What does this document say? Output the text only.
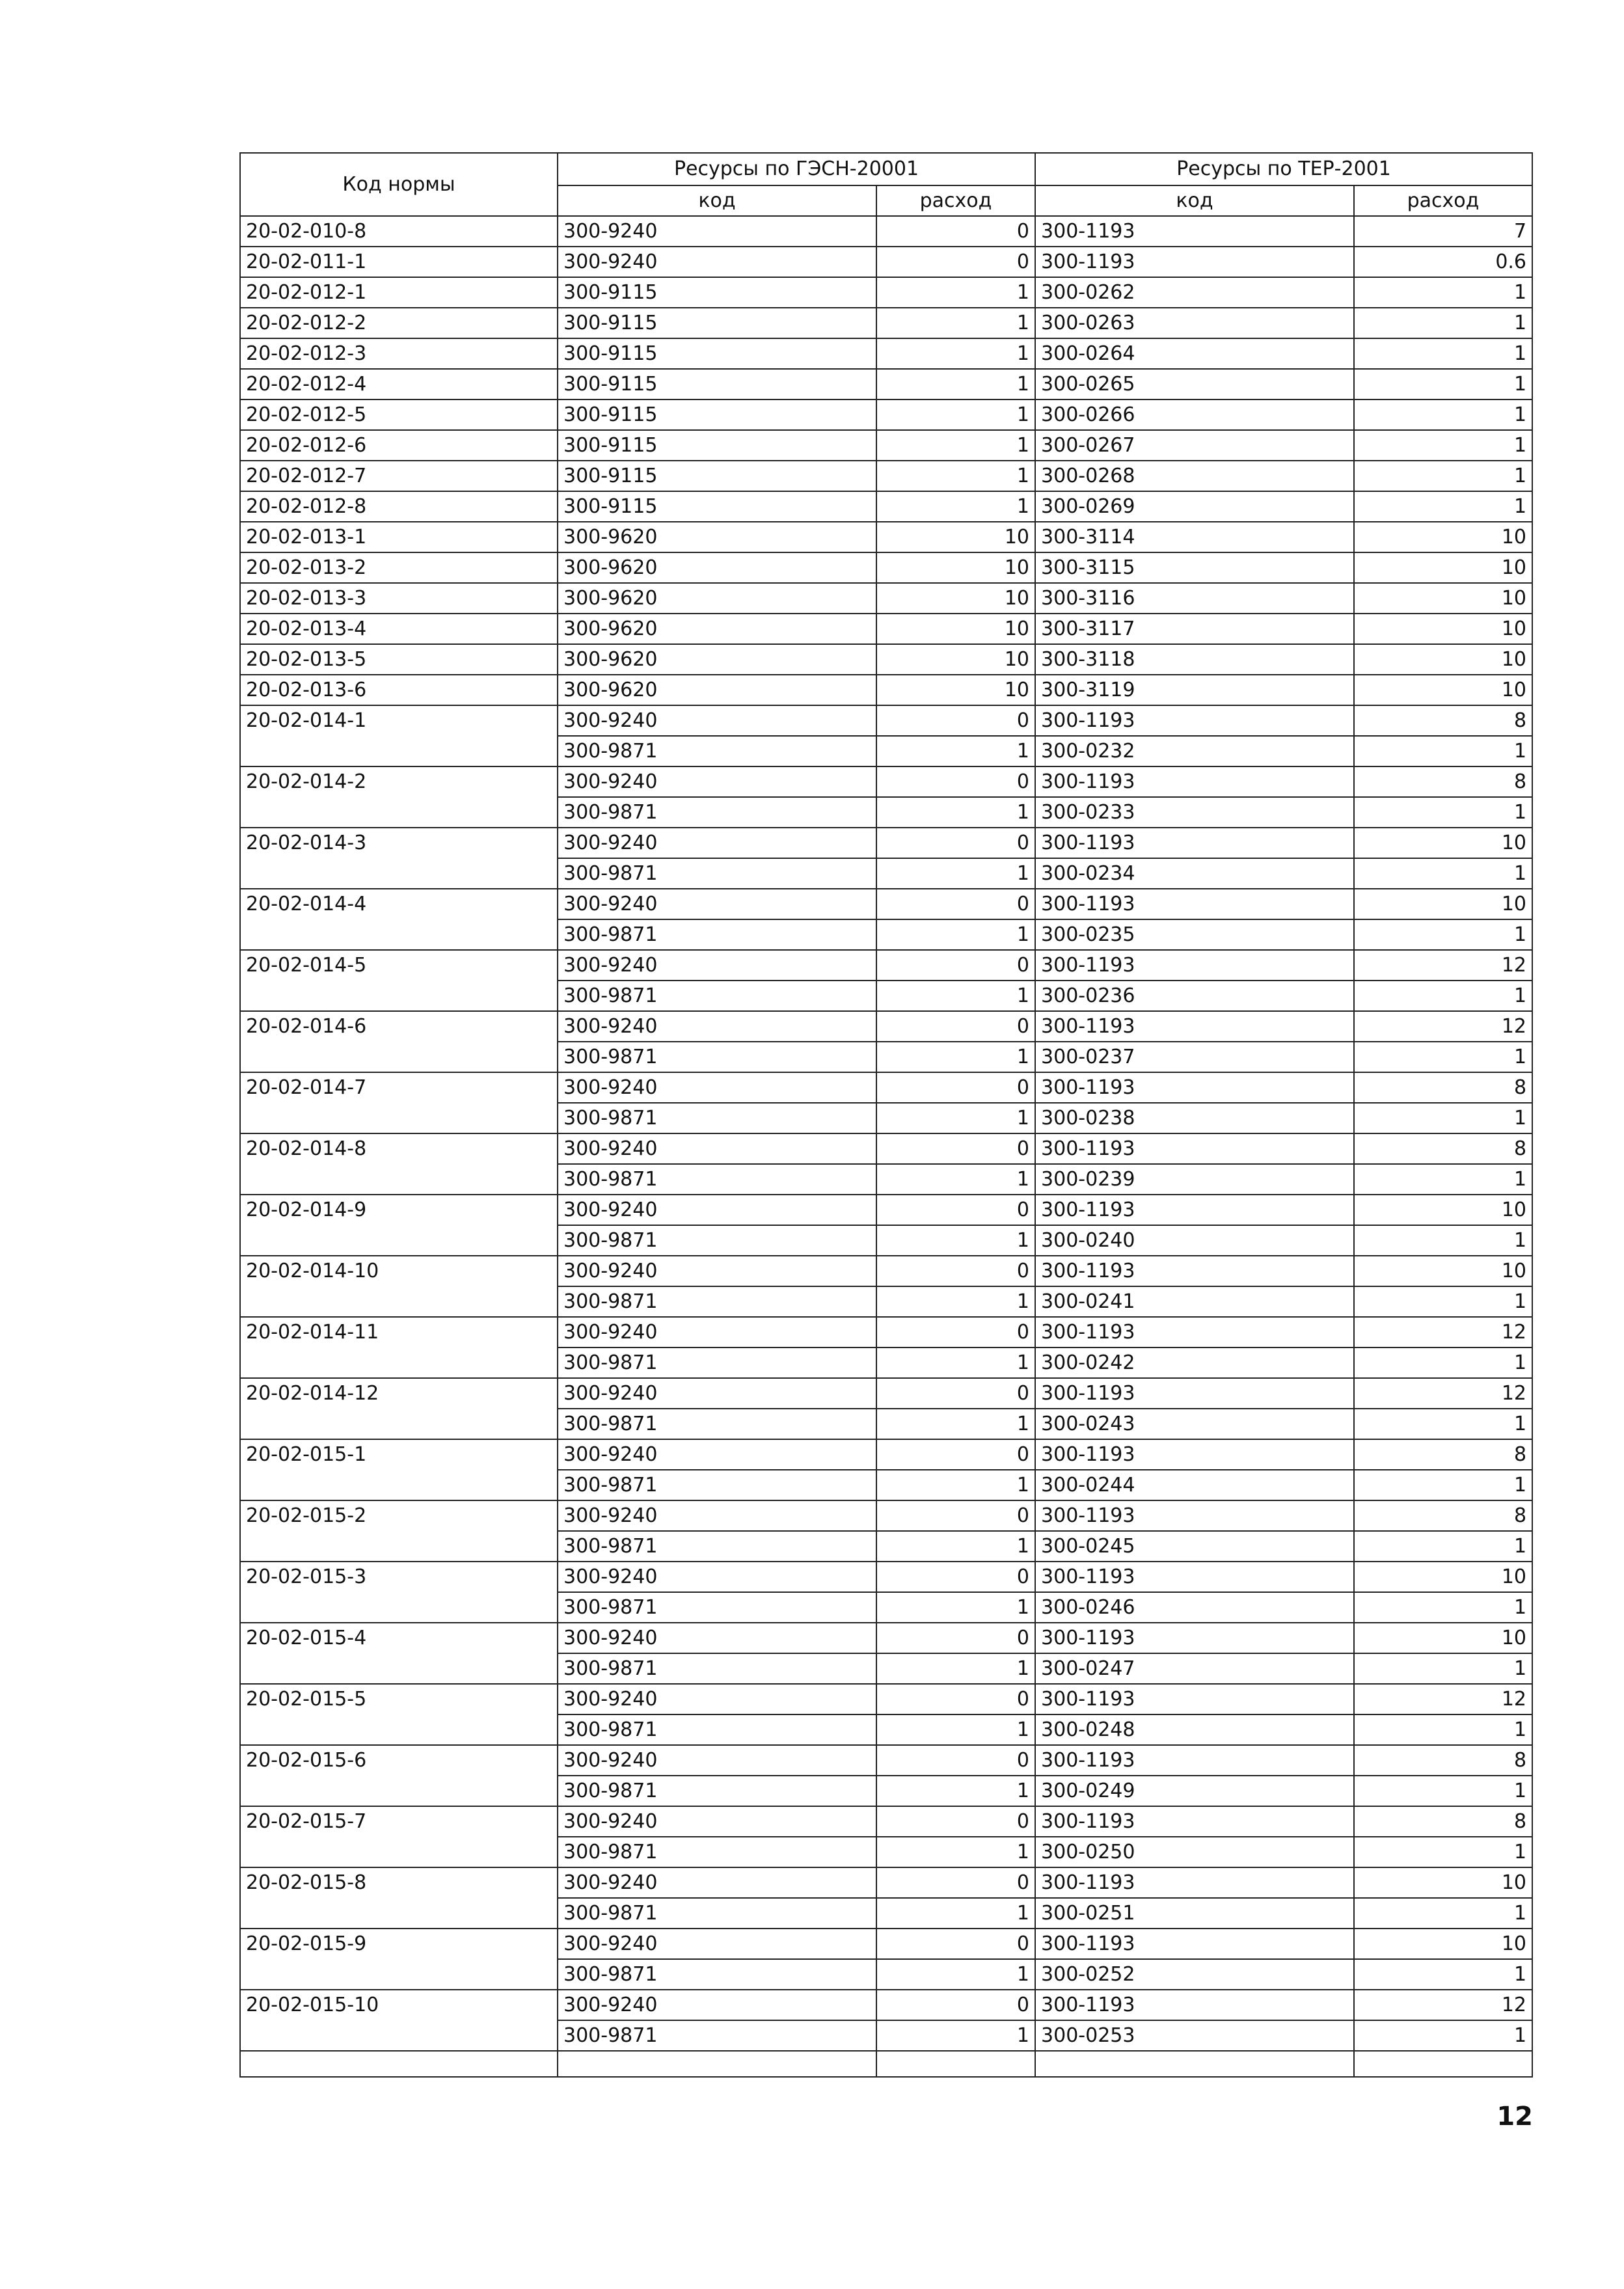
Код нормы	Ресурсы по ГЭСН-20001		Ресурсы по ТЕР-2001	
	код	расход	код	расход
20-02-010-8	300-9240	0	300-1193	7
20-02-011-1	300-9240	0	300-1193	0.6
20-02-012-1	300-9115	1	300-0262	1
20-02-012-2	300-9115	1	300-0263	1
20-02-012-3	300-9115	1	300-0264	1
20-02-012-4	300-9115	1	300-0265	1
20-02-012-5	300-9115	1	300-0266	1
20-02-012-6	300-9115	1	300-0267	1
20-02-012-7	300-9115	1	300-0268	1
20-02-012-8	300-9115	1	300-0269	1
20-02-013-1	300-9620	10	300-3114	10
20-02-013-2	300-9620	10	300-3115	10
20-02-013-3	300-9620	10	300-3116	10
20-02-013-4	300-9620	10	300-3117	10
20-02-013-5	300-9620	10	300-3118	10
20-02-013-6	300-9620	10	300-3119	10
20-02-014-1	300-9240	0	300-1193	8
	300-9871	1	300-0232	1
20-02-014-2	300-9240	0	300-1193	8
	300-9871	1	300-0233	1
20-02-014-3	300-9240	0	300-1193	10
	300-9871	1	300-0234	1
20-02-014-4	300-9240	0	300-1193	10
	300-9871	1	300-0235	1
20-02-014-5	300-9240	0	300-1193	12
	300-9871	1	300-0236	1
20-02-014-6	300-9240	0	300-1193	12
	300-9871	1	300-0237	1
20-02-014-7	300-9240	0	300-1193	8
	300-9871	1	300-0238	1
20-02-014-8	300-9240	0	300-1193	8
	300-9871	1	300-0239	1
20-02-014-9	300-9240	0	300-1193	10
	300-9871	1	300-0240	1
20-02-014-10	300-9240	0	300-1193	10
	300-9871	1	300-0241	1
20-02-014-11	300-9240	0	300-1193	12
	300-9871	1	300-0242	1
20-02-014-12	300-9240	0	300-1193	12
	300-9871	1	300-0243	1
20-02-015-1	300-9240	0	300-1193	8
	300-9871	1	300-0244	1
20-02-015-2	300-9240	0	300-1193	8
	300-9871	1	300-0245	1
20-02-015-3	300-9240	0	300-1193	10
	300-9871	1	300-0246	1
20-02-015-4	300-9240	0	300-1193	10
	300-9871	1	300-0247	1
20-02-015-5	300-9240	0	300-1193	12
	300-9871	1	300-0248	1
20-02-015-6	300-9240	0	300-1193	8
	300-9871	1	300-0249	1
20-02-015-7	300-9240	0	300-1193	8
	300-9871	1	300-0250	1
20-02-015-8	300-9240	0	300-1193	10
	300-9871	1	300-0251	1
20-02-015-9	300-9240	0	300-1193	10
	300-9871	1	300-0252	1
20-02-015-10	300-9240	0	300-1193	12
	300-9871	1	300-0253	1

12
